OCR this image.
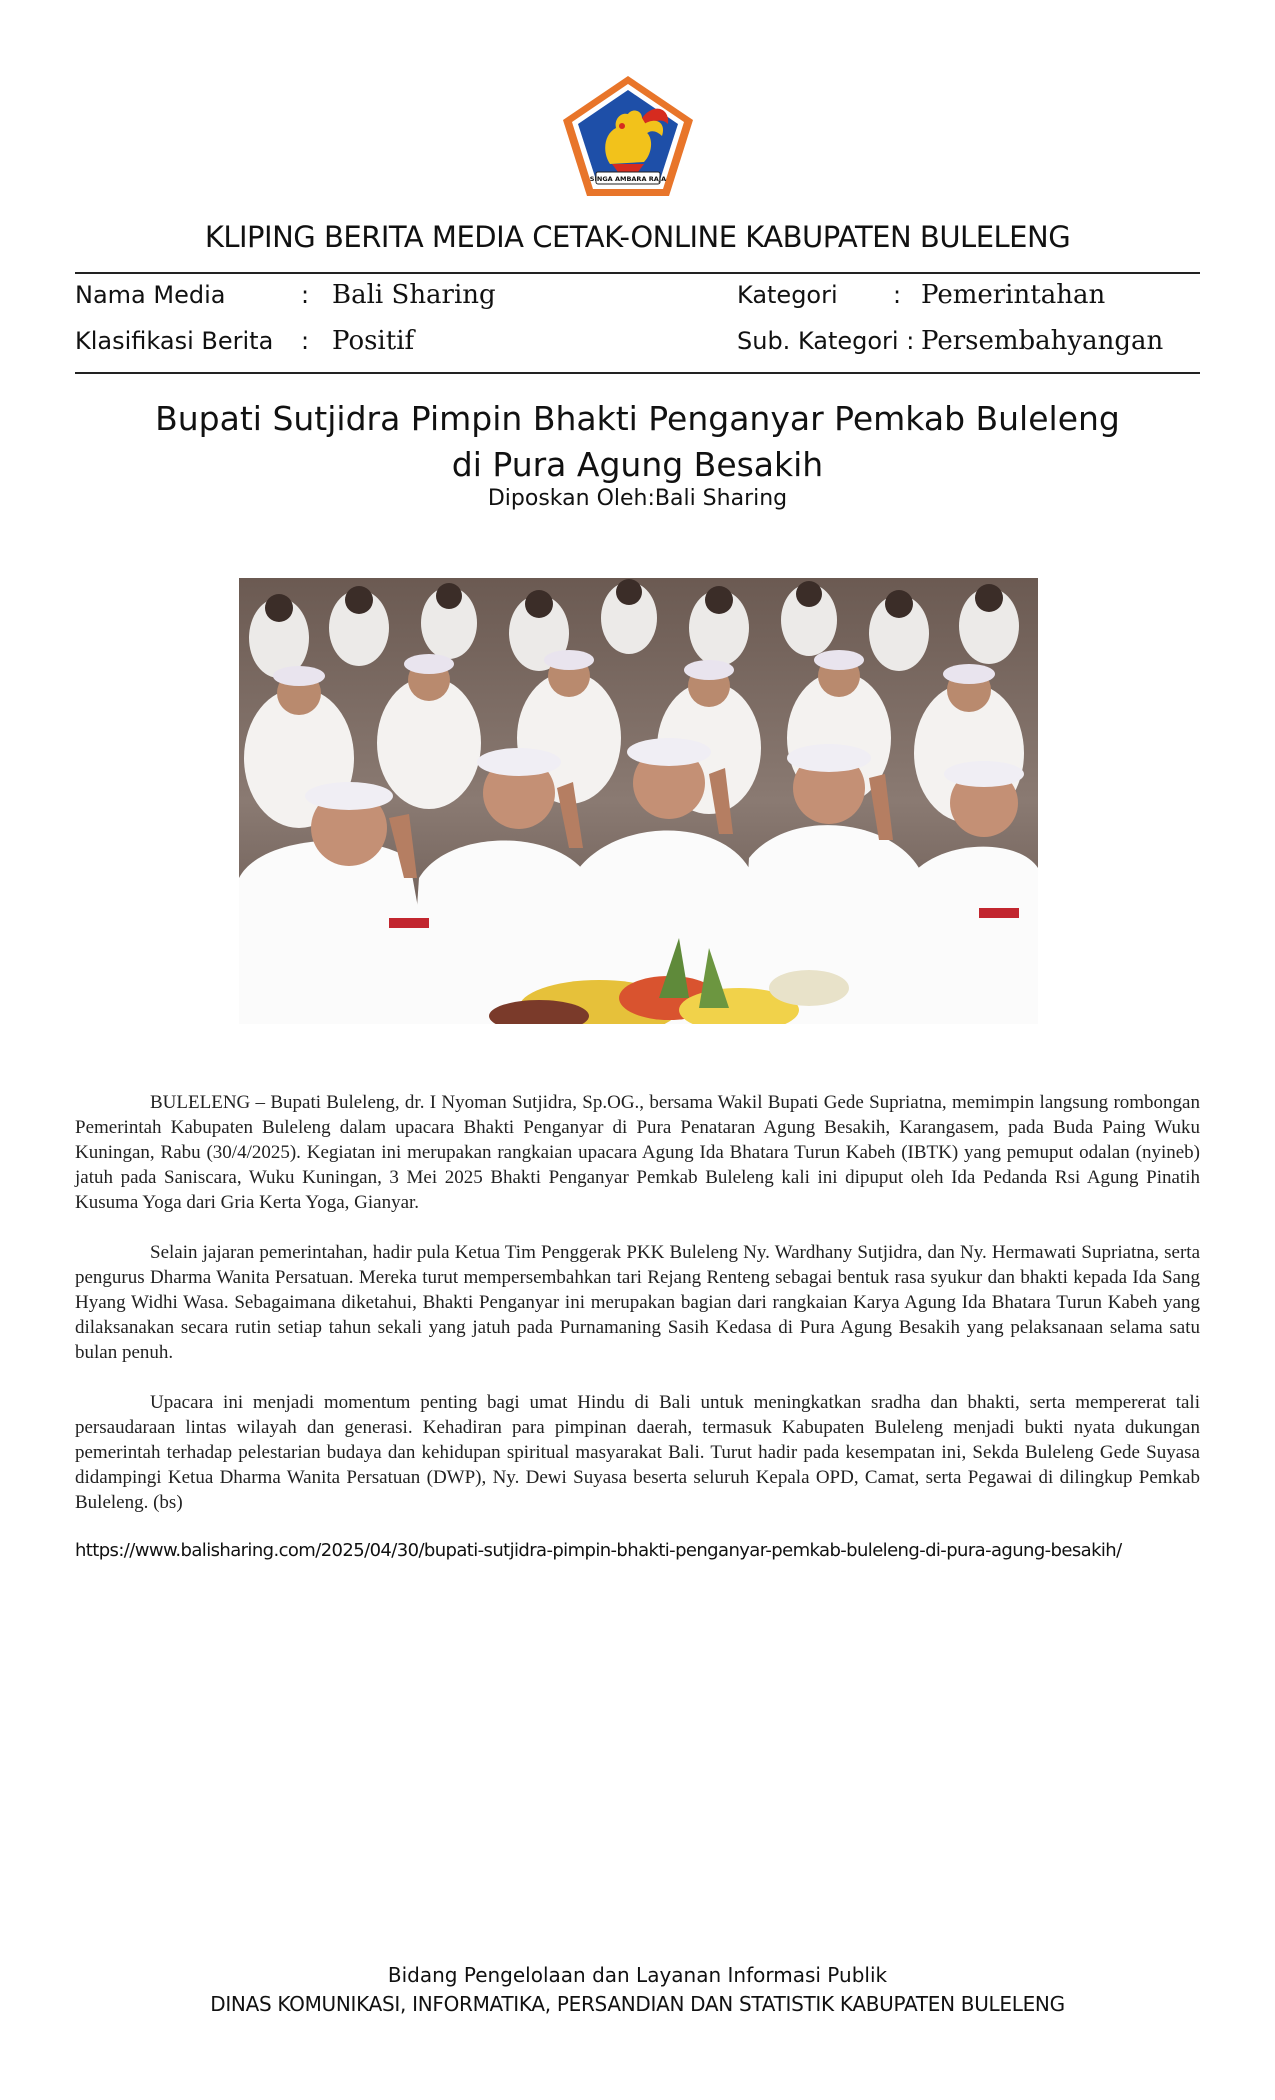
SINGA AMBARA RAJA
KLIPING BERITA MEDIA CETAK-ONLINE KABUPATEN BULELENG
Nama Media	: Bali Sharing	Kategori : Pemerintahan
Klasifikasi Berita : Positif	Sub. Kategori : Persembahyangan
Bupati Sutjidra Pimpin Bhakti Penganyar Pemkab Buleleng
di Pura Agung Besakih
Diposkan Oleh:Bali Sharing

BULELENG – Bupati Buleleng, dr. I Nyoman Sutjidra, Sp.OG., bersama Wakil Bupati Gede Supriatna, memimpin langsung rombongan Pemerintah Kabupaten Buleleng dalam upacara Bhakti Penganyar di Pura Penataran Agung Besakih, Karangasem, pada Buda Paing Wuku Kuningan, Rabu (30/4/2025). Kegiatan ini merupakan rangkaian upacara Agung Ida Bhatara Turun Kabeh (IBTK) yang pemuput odalan (nyineb) jatuh pada Saniscara, Wuku Kuningan, 3 Mei 2025 Bhakti Penganyar Pemkab Buleleng kali ini dipuput oleh Ida Pedanda Rsi Agung Pinatih Kusuma Yoga dari Gria Kerta Yoga, Gianyar.

Selain jajaran pemerintahan, hadir pula Ketua Tim Penggerak PKK Buleleng Ny. Wardhany Sutjidra, dan Ny. Hermawati Supriatna, serta pengurus Dharma Wanita Persatuan. Mereka turut mempersembahkan tari Rejang Renteng sebagai bentuk rasa syukur dan bhakti kepada Ida Sang Hyang Widhi Wasa. Sebagaimana diketahui, Bhakti Penganyar ini merupakan bagian dari rangkaian Karya Agung Ida Bhatara Turun Kabeh yang dilaksanakan secara rutin setiap tahun sekali yang jatuh pada Purnamaning Sasih Kedasa di Pura Agung Besakih yang pelaksanaan selama satu bulan penuh.

Upacara ini menjadi momentum penting bagi umat Hindu di Bali untuk meningkatkan sradha dan bhakti, serta mempererat tali persaudaraan lintas wilayah dan generasi. Kehadiran para pimpinan daerah, termasuk Kabupaten Buleleng menjadi bukti nyata dukungan pemerintah terhadap pelestarian budaya dan kehidupan spiritual masyarakat Bali. Turut hadir pada kesempatan ini, Sekda Buleleng Gede Suyasa didampingi Ketua Dharma Wanita Persatuan (DWP), Ny. Dewi Suyasa beserta seluruh Kepala OPD, Camat, serta Pegawai di dilingkup Pemkab Buleleng. (bs)

https://www.balisharing.com/2025/04/30/bupati-sutjidra-pimpin-bhakti-penganyar-pemkab-buleleng-di-pura-agung-besakih/
Bidang Pengelolaan dan Layanan Informasi Publik
DINAS KOMUNIKASI, INFORMATIKA, PERSANDIAN DAN STATISTIK KABUPATEN BULELENG
